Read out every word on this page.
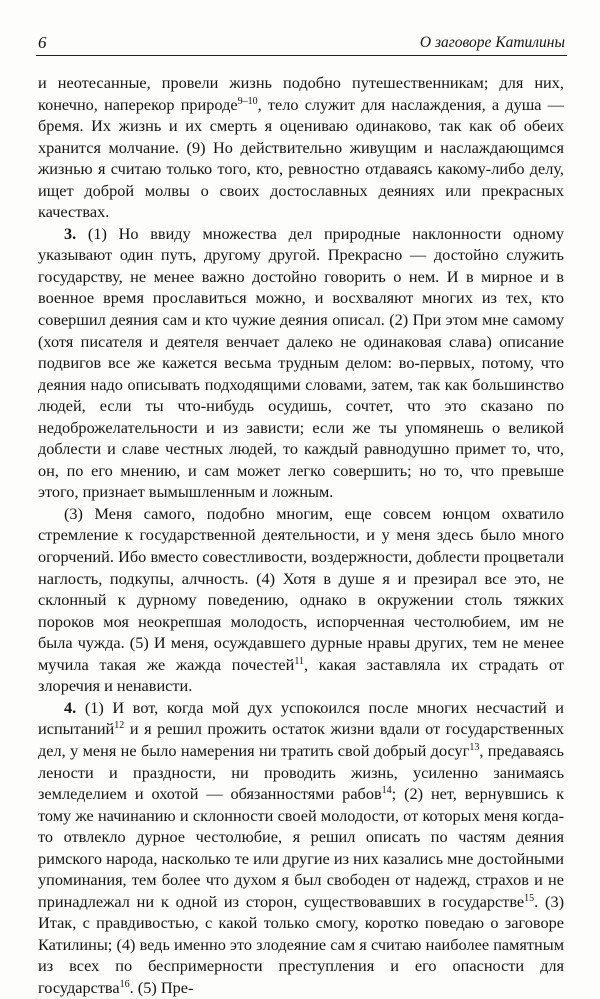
6	О заговоре Катилины

и неотесанные, провели жизнь подобно путешественникам; для них, конечно, наперекор природе$^{9-10}$, тело служит для наслаждения, а душа — бремя. Их жизнь и их смерть я оцениваю одинаково, так как об обеих хранится молчание. (9) Но действительно живущим и наслаждающимся жизнью я считаю только того, кто, ревностно отдаваясь какому-либо делу, ищет доброй молвы о своих достославных деяниях или прекрасных качествах.

3. (1) Но ввиду множества дел природные наклонности одному указывают один путь, другому другой. Прекрасно — достойно служить государству, не менее важно достойно говорить о нем. И в мирное и в военное время прославиться можно, и восхваляют многих из тех, кто совершил деяния сам и кто чужие деяния описал. (2) При этом мне самому (хотя писателя и деятеля венчает далеко не одинаковая слава) описание подвигов все же кажется весьма трудным делом: во-первых, потому, что деяния надо описывать подходящими словами, затем, так как большинство людей, если ты что-нибудь осудишь, сочтет, что это сказано по недоброжелательности и из зависти; если же ты упомянешь о великой доблести и славе честных людей, то каждый равнодушно примет то, что, он, по его мнению, и сам может легко совершить; но то, что превыше этого, признает вымышленным и ложным.

(3) Меня самого, подобно многим, еще совсем юнцом охватило стремление к государственной деятельности, и у меня здесь было много огорчений. Ибо вместо совестливости, воздержности, доблести процветали наглость, подкупы, алчность. (4) Хотя в душе я и презирал все это, не склонный к дурному поведению, однако в окружении столь тяжких пороков моя неокрепшая молодость, испорченная честолюбием, им не была чужда. (5) И меня, осуждавшего дурные нравы других, тем не менее мучила такая же жажда почестей$^{11}$, какая заставляла их страдать от злоречия и ненависти.

4. (1) И вот, когда мой дух успокоился после многих несчастий и испытаний$^{12}$ и я решил прожить остаток жизни вдали от государственных дел, у меня не было намерения ни тратить свой добрый досуг$^{13}$, предаваясь лености и праздности, ни проводить жизнь, усиленно занимаясь земледелием и охотой — обязанностями рабов$^{14}$; (2) нет, вернувшись к тому же начинанию и склонности своей молодости, от которых меня когда-то отвлекло дурное честолюбие, я решил описать по частям деяния римского народа, насколько те или другие из них казались мне достойными упоминания, тем более что духом я был свободен от надежд, страхов и не принадлежал ни к одной из сторон, существовавших в государстве$^{15}$. (3) Итак, с правдивостью, с какой только смогу, коротко поведаю о заговоре Катилины; (4) ведь именно это злодеяние сам я считаю наиболее памятным из всех по беспримерности преступления и его опасности для государства$^{16}$. (5) Пре-
